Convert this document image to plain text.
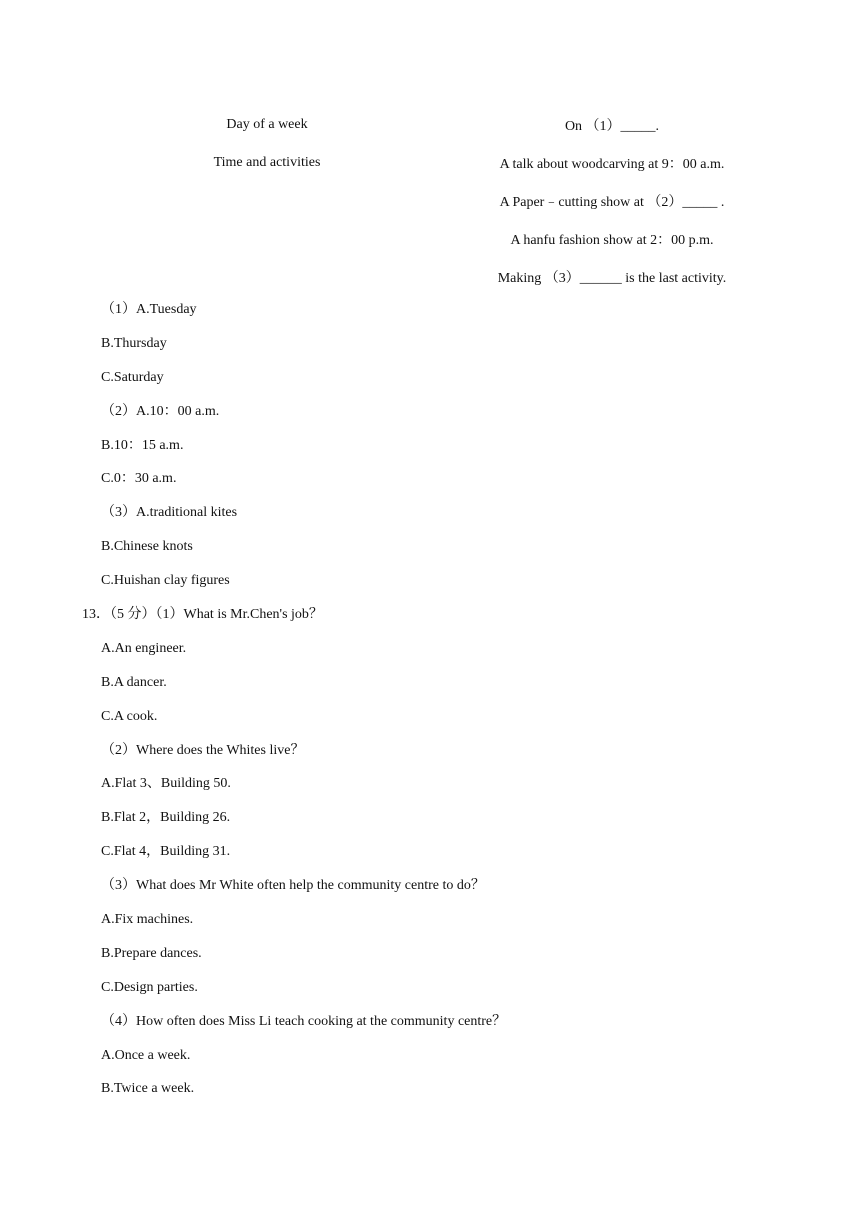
Day of a week	On （1）_____.
Time and activities	A talk about woodcarving at 9：00 a.m.
A Paper﹣cutting show at （2）_____ .
A hanfu fashion show at 2：00 p.m.
Making （3）______ is the last activity.
（1）A.Tuesday
B.Thursday
C.Saturday
（2）A.10：00 a.m.
B.10：15 a.m.
C.0：30 a.m.
（3）A.traditional kites
B.Chinese knots
C.Huishan clay figures
13．（5 分）（1）What is Mr.Chen's job？
A.An engineer.
B.A dancer.
C.A cook.
（2）Where does the Whites live？
A.Flat 3、Building 50.
B.Flat 2，Building 26.
C.Flat 4，Building 31.
（3）What does Mr White often help the community centre to do？
A.Fix machines.
B.Prepare dances.
C.Design parties.
（4）How often does Miss Li teach cooking at the community centre？
A.Once a week.
B.Twice a week.
